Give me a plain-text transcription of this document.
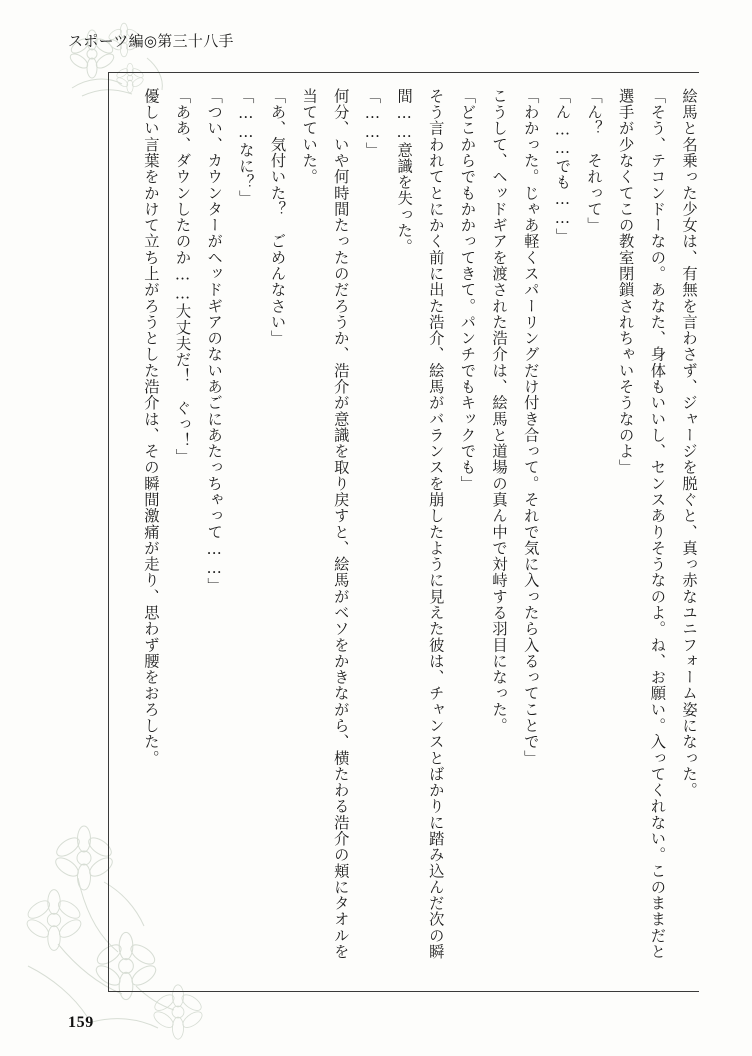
スポーツ編◎第三十八手

絵馬と名乗った少女は、有無を言わさず、ジャージを脱ぐと、真っ赤なユニフォーム姿になった。

「そう、テコンドーなの。あなた、身体もいいし、センスありそうなのよ。ね、お願い。入ってくれない。このままだと選手が少なくてこの教室閉鎖されちゃいそうなのよ」

「ん？　それって」

「ん……でも……」

「わかった。じゃあ軽くスパーリングだけ付き合って。それで気に入ったら入るってことで」

こうして、ヘッドギアを渡された浩介は、絵馬と道場の真ん中で対峙する羽目になった。

「どこからでもかかってきて。パンチでもキックでも」

そう言われてとにかく前に出た浩介、絵馬がバランスを崩したように見えた彼は、チャンスとばかりに踏み込んだ次の瞬間……意識を失った。

「……」

何分、いや何時間たったのだろうか、浩介が意識を取り戻すと、絵馬がベソをかきながら、横たわる浩介の頬にタオルを当てていた。

「あ、気付いた？　ごめんなさい」

「……なに？」

「つい、カウンターがヘッドギアのないあごにあたっちゃって……」

「ああ、ダウンしたのか……大丈夫だ！　ぐっ！」

優しい言葉をかけて立ち上がろうとした浩介は、その瞬間激痛が走り、思わず腰をおろした。

159
